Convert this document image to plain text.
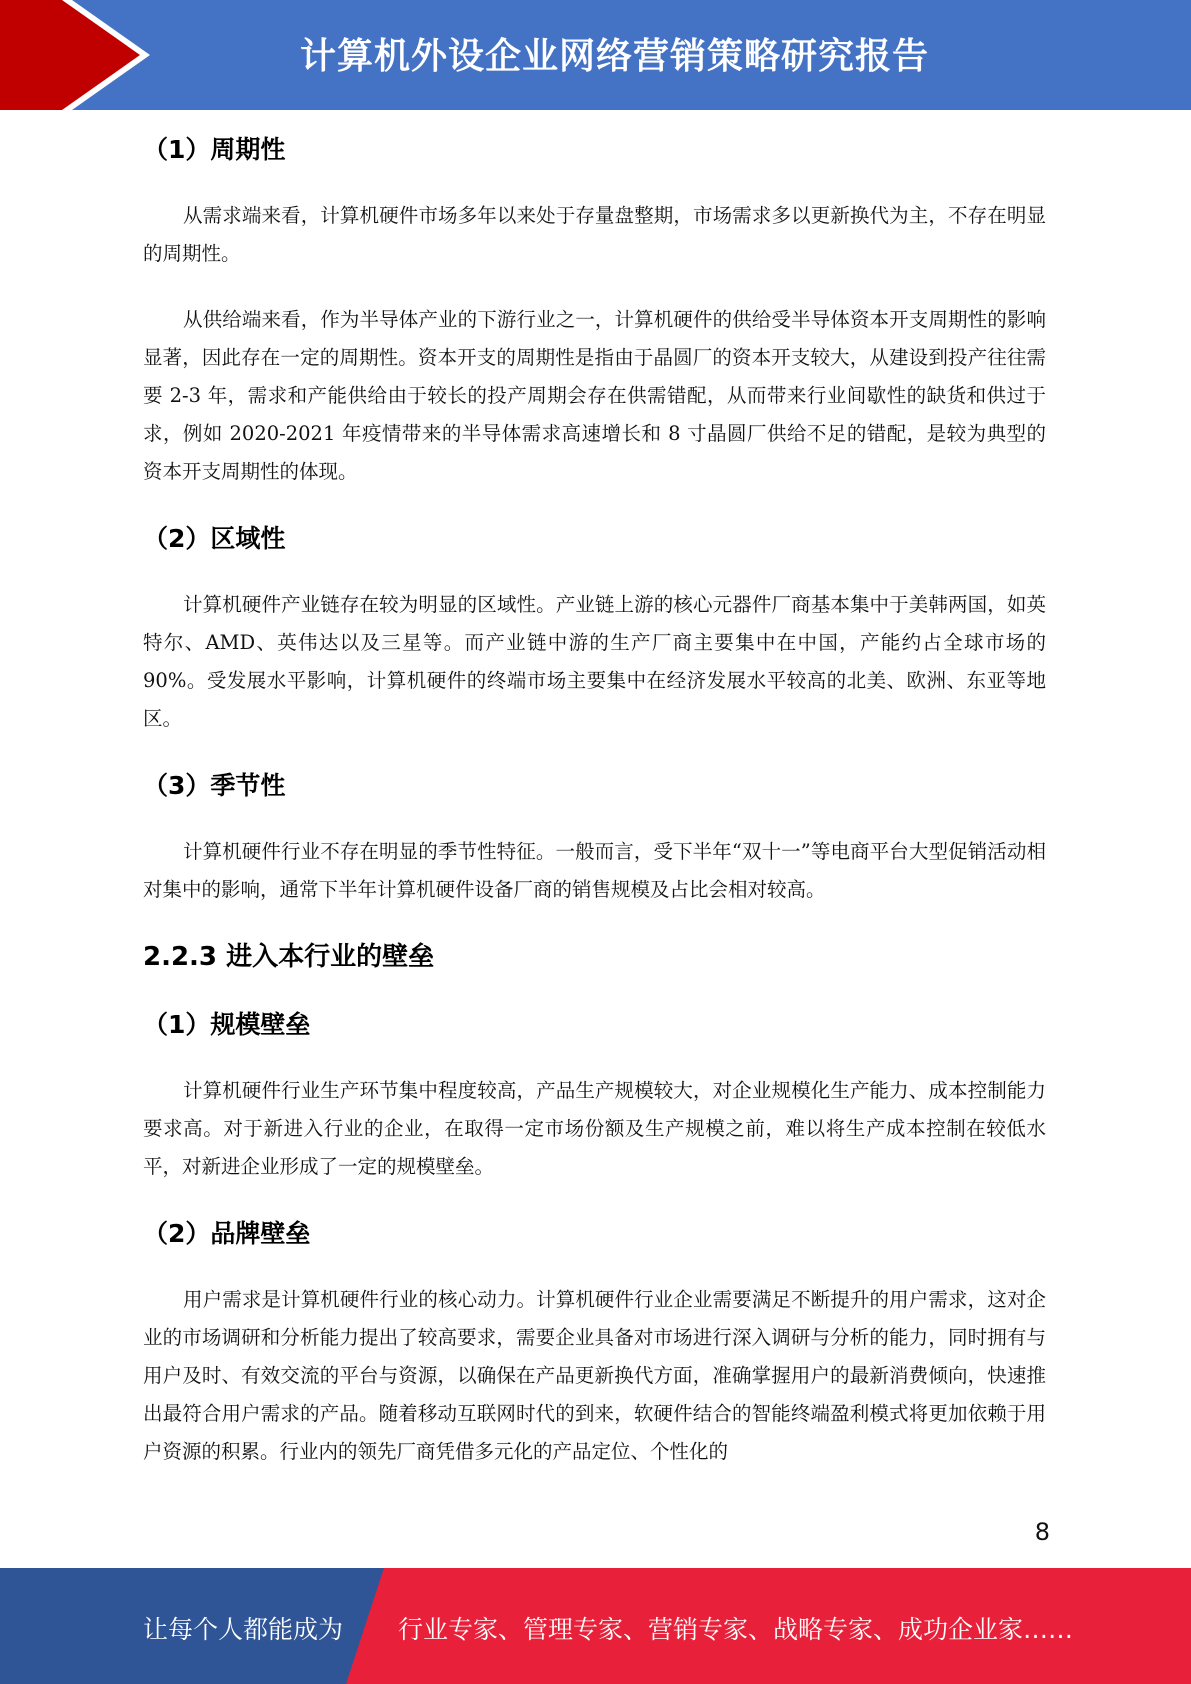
计算机外设企业网络营销策略研究报告
（1）周期性

从需求端来看，计算机硬件市场多年以来处于存量盘整期，市场需求多以更新换代为主，不存在明显的周期性。

从供给端来看，作为半导体产业的下游行业之一，计算机硬件的供给受半导体资本开支周期性的影响显著，因此存在一定的周期性。资本开支的周期性是指由于晶圆厂的资本开支较大，从建设到投产往往需要 2-3 年，需求和产能供给由于较长的投产周期会存在供需错配，从而带来行业间歇性的缺货和供过于求，例如 2020-2021 年疫情带来的半导体需求高速增长和 8 寸晶圆厂供给不足的错配，是较为典型的资本开支周期性的体现。

（2）区域性

计算机硬件产业链存在较为明显的区域性。产业链上游的核心元器件厂商基本集中于美韩两国，如英特尔、AMD、英伟达以及三星等。而产业链中游的生产厂商主要集中在中国，产能约占全球市场的 90%。受发展水平影响，计算机硬件的终端市场主要集中在经济发展水平较高的北美、欧洲、东亚等地区。

（3）季节性

计算机硬件行业不存在明显的季节性特征。一般而言，受下半年“双十一”等电商平台大型促销活动相对集中的影响，通常下半年计算机硬件设备厂商的销售规模及占比会相对较高。

2.2.3 进入本行业的壁垒
（1）规模壁垒

计算机硬件行业生产环节集中程度较高，产品生产规模较大，对企业规模化生产能力、成本控制能力要求高。对于新进入行业的企业，在取得一定市场份额及生产规模之前，难以将生产成本控制在较低水平，对新进企业形成了一定的规模壁垒。

（2）品牌壁垒

用户需求是计算机硬件行业的核心动力。计算机硬件行业企业需要满足不断提升的用户需求，这对企业的市场调研和分析能力提出了较高要求，需要企业具备对市场进行深入调研与分析的能力，同时拥有与用户及时、有效交流的平台与资源，以确保在产品更新换代方面，准确掌握用户的最新消费倾向，快速推出最符合用户需求的产品。随着移动互联网时代的到来，软硬件结合的智能终端盈利模式将更加依赖于用户资源的积累。行业内的领先厂商凭借多元化的产品定位、个性化的

8
让每个人都能成为 行业专家、管理专家、营销专家、战略专家、成功企业家……
